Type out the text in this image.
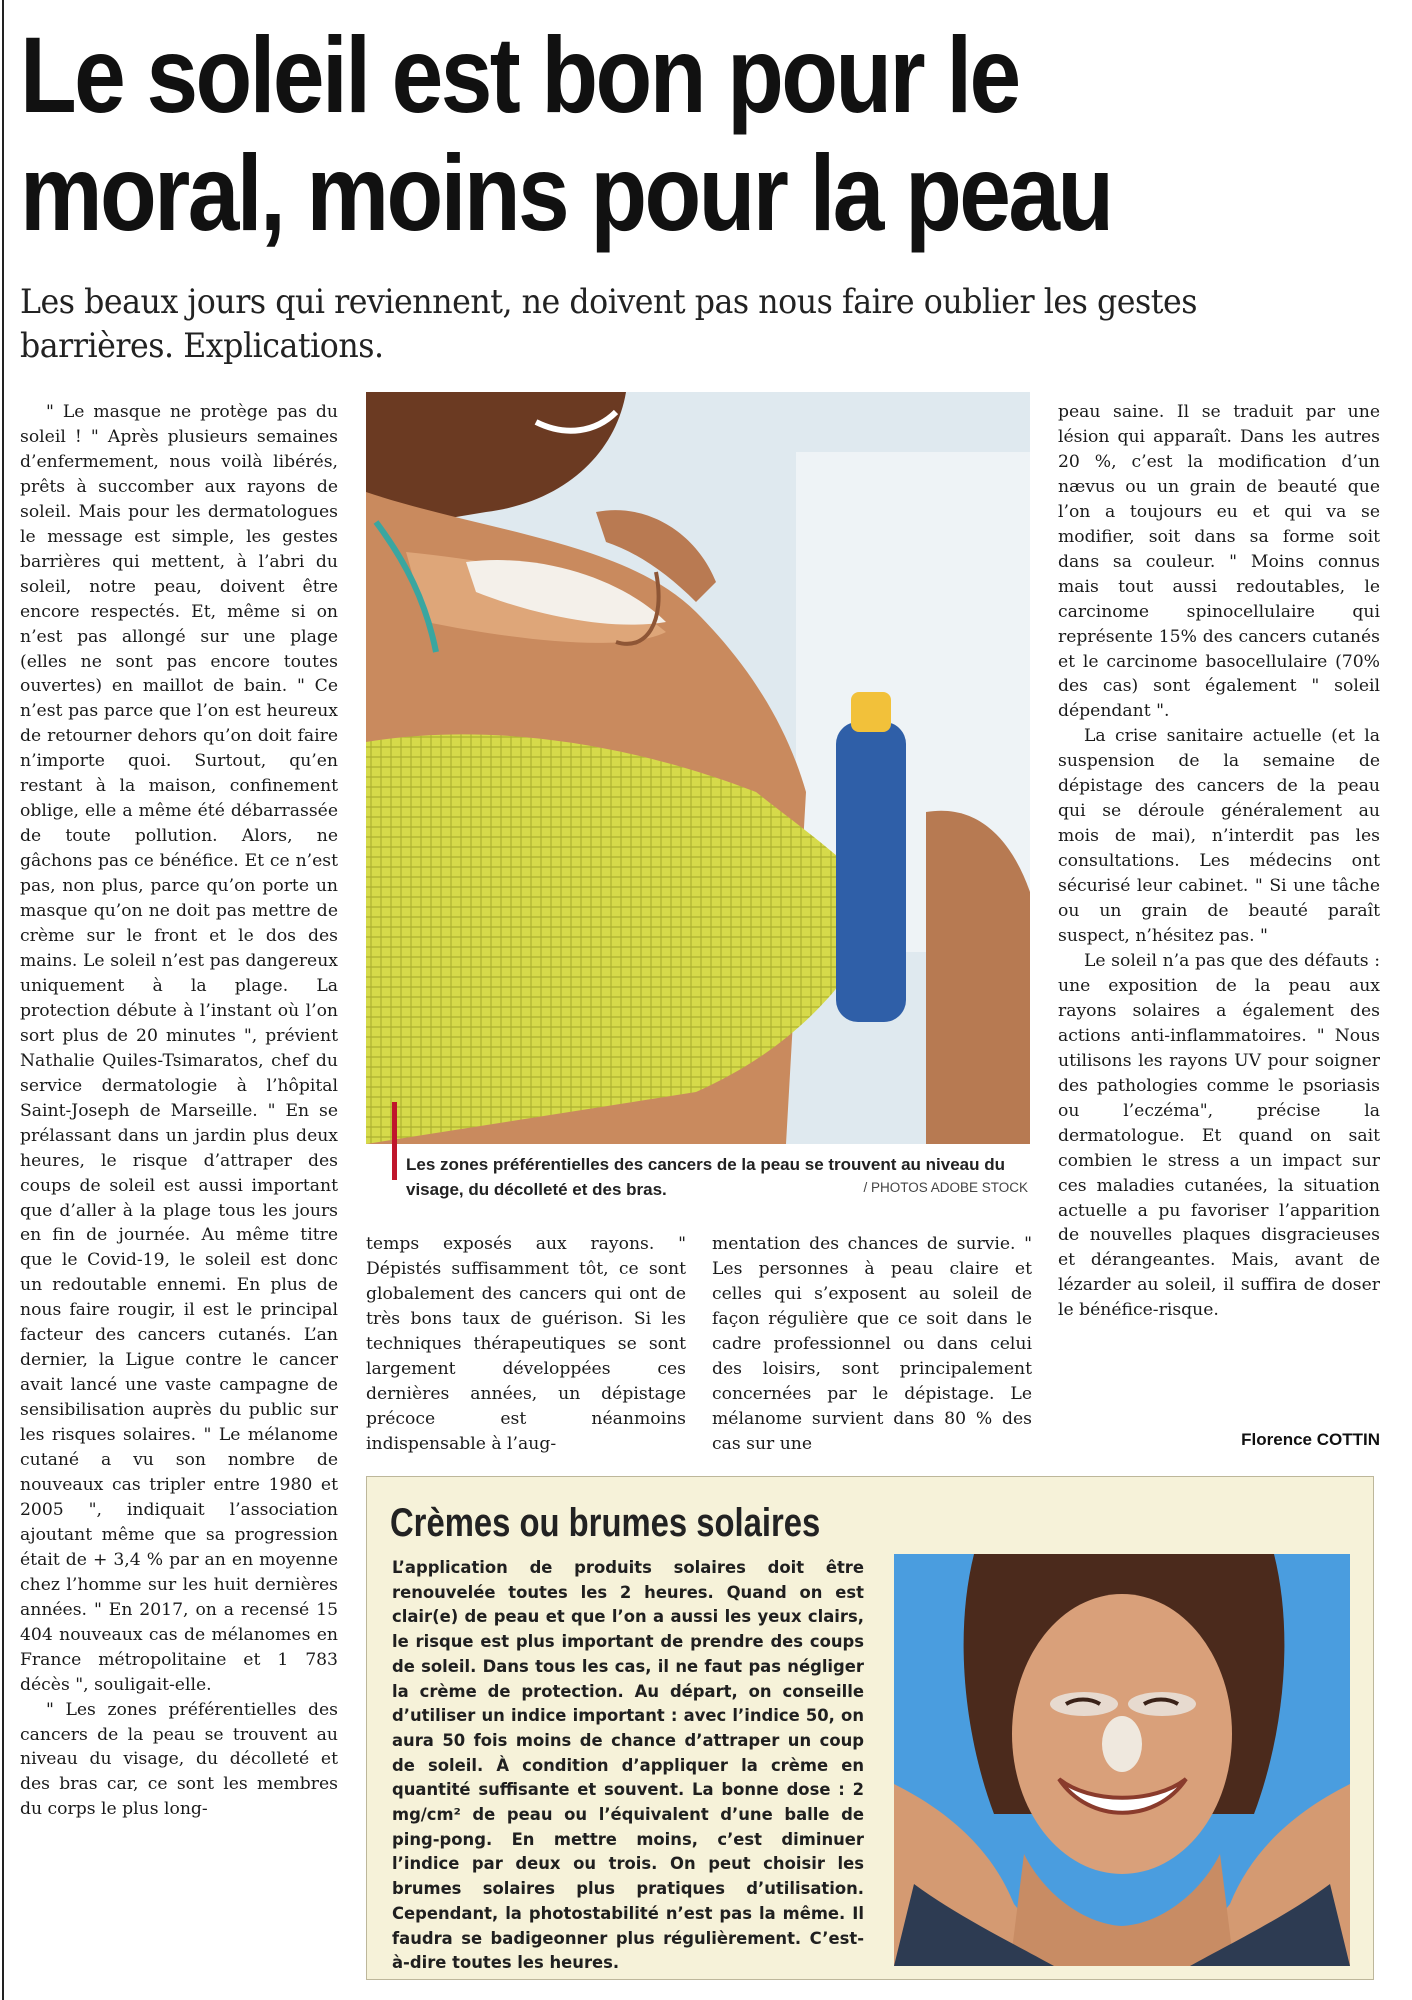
Le soleil est bon pour le moral, moins pour la peau

Les beaux jours qui reviennent, ne doivent pas nous faire oublier les gestes barrières. Explications.

" Le masque ne protège pas du soleil ! " Après plusieurs semaines d’enfermement, nous voilà libérés, prêts à succomber aux rayons de soleil. Mais pour les dermatologues le message est simple, les gestes barrières qui mettent, à l’abri du soleil, notre peau, doivent être encore respectés. Et, même si on n’est pas allongé sur une plage (elles ne sont pas encore toutes ouvertes) en maillot de bain. " Ce n’est pas parce que l’on est heureux de retourner dehors qu’on doit faire n’importe quoi. Surtout, qu’en restant à la maison, confinement oblige, elle a même été débarrassée de toute pollution. Alors, ne gâchons pas ce bénéfice. Et ce n’est pas, non plus, parce qu’on porte un masque qu’on ne doit pas mettre de crème sur le front et le dos des mains. Le soleil n’est pas dangereux uniquement à la plage. La protection débute à l’instant où l’on sort plus de 20 minutes ", prévient Nathalie Quiles-Tsimaratos, chef du service dermatologie à l’hôpital Saint-Joseph de Marseille. " En se prélassant dans un jardin plus deux heures, le risque d’attraper des coups de soleil est aussi important que d’aller à la plage tous les jours en fin de journée. Au même titre que le Covid-19, le soleil est donc un redoutable ennemi. En plus de nous faire rougir, il est le principal facteur des cancers cutanés. L’an dernier, la Ligue contre le cancer avait lancé une vaste campagne de sensibilisation auprès du public sur les risques solaires. " Le mélanome cutané a vu son nombre de nouveaux cas tripler entre 1980 et 2005 ", indiquait l’association ajoutant même que sa progression était de + 3,4 % par an en moyenne chez l’homme sur les huit dernières années. " En 2017, on a recensé 15 404 nouveaux cas de mélanomes en France métropolitaine et 1 783 décès ", souligait-elle.

" Les zones préférentielles des cancers de la peau se trouvent au niveau du visage, du décolleté et des bras car, ce sont les membres du corps le plus long-

Les zones préférentielles des cancers de la peau se trouvent au niveau du visage, du décolleté et des bras.	/ PHOTOS ADOBE STOCK

temps exposés aux rayons. " Dépistés suffisamment tôt, ce sont globalement des cancers qui ont de très bons taux de guérison. Si les techniques thérapeutiques se sont largement développées ces dernières années, un dépistage précoce est néanmoins indispensable à l’aug-

mentation des chances de survie. " Les personnes à peau claire et celles qui s’exposent au soleil de façon régulière que ce soit dans le cadre professionnel ou dans celui des loisirs, sont principalement concernées par le dépistage. Le mélanome survient dans 80 % des cas sur une

peau saine. Il se traduit par une lésion qui apparaît. Dans les autres 20 %, c’est la modification d’un nævus ou un grain de beauté que l’on a toujours eu et qui va se modifier, soit dans sa forme soit dans sa couleur. " Moins connus mais tout aussi redoutables, le carcinome spinocellulaire qui représente 15% des cancers cutanés et le carcinome basocellulaire (70% des cas) sont également " soleil dépendant ".

La crise sanitaire actuelle (et la suspension de la semaine de dépistage des cancers de la peau qui se déroule généralement au mois de mai), n’interdit pas les consultations. Les médecins ont sécurisé leur cabinet. " Si une tâche ou un grain de beauté paraît suspect, n’hésitez pas. "

Le soleil n’a pas que des défauts : une exposition de la peau aux rayons solaires a également des actions anti-inflammatoires. " Nous utilisons les rayons UV pour soigner des pathologies comme le psoriasis ou l’eczéma", précise la dermatologue. Et quand on sait combien le stress a un impact sur ces maladies cutanées, la situation actuelle a pu favoriser l’apparition de nouvelles plaques disgracieuses et dérangeantes. Mais, avant de lézarder au soleil, il suffira de doser le bénéfice-risque.

Florence COTTIN
Crèmes ou brumes solaires

L’application de produits solaires doit être renouvelée toutes les 2 heures. Quand on est clair(e) de peau et que l’on a aussi les yeux clairs, le risque est plus important de prendre des coups de soleil. Dans tous les cas, il ne faut pas négliger la crème de protection. Au départ, on conseille d’utiliser un indice important : avec l’indice 50, on aura 50 fois moins de chance d’attraper un coup de soleil. À condition d’appliquer la crème en quantité suffisante et souvent. La bonne dose : 2 mg/cm² de peau ou l’équivalent d’une balle de ping-pong. En mettre moins, c’est diminuer l’indice par deux ou trois. On peut choisir les brumes solaires plus pratiques d’utilisation. Cependant, la photostabilité n’est pas la même. Il faudra se badigeonner plus régulièrement. C’est-à-dire toutes les heures.
